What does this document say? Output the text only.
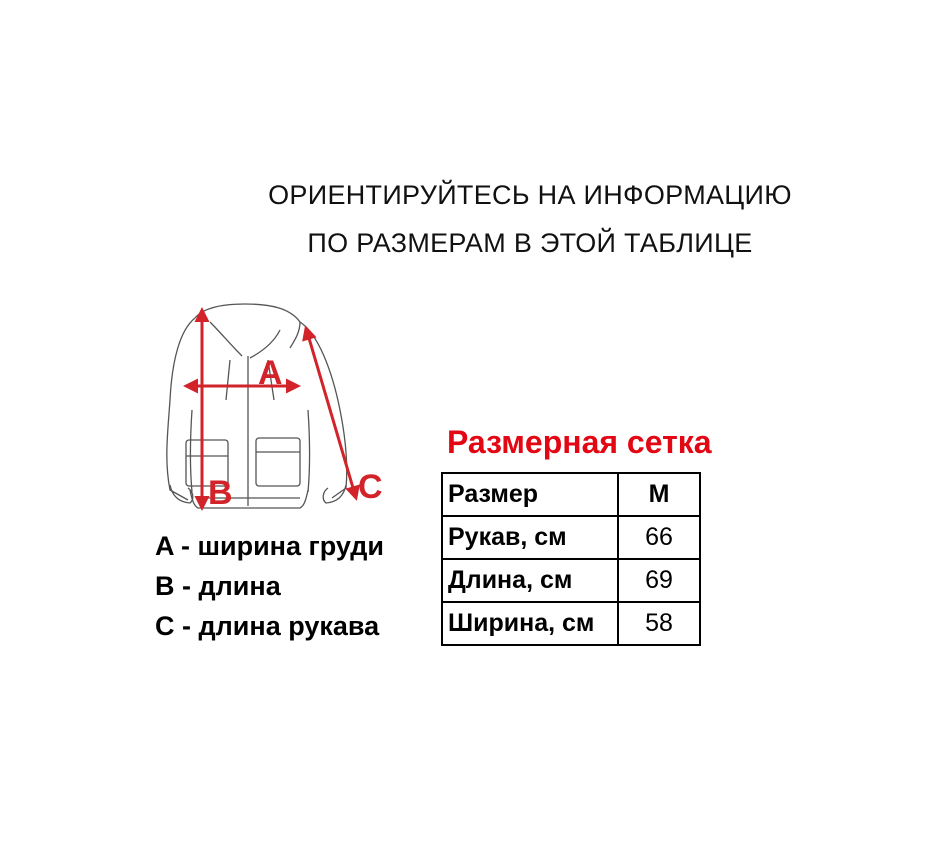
ОРИЕНТИРУЙТЕСЬ НА ИНФОРМАЦИЮ
ПО РАЗМЕРАМ В ЭТОЙ ТАБЛИЦЕ
A
B	C
A - ширина груди
B - длина
C - длина рукава
Размерная сетка
Размер	M
Рукав, см	66
Длина, см	69
Ширина, см	58
